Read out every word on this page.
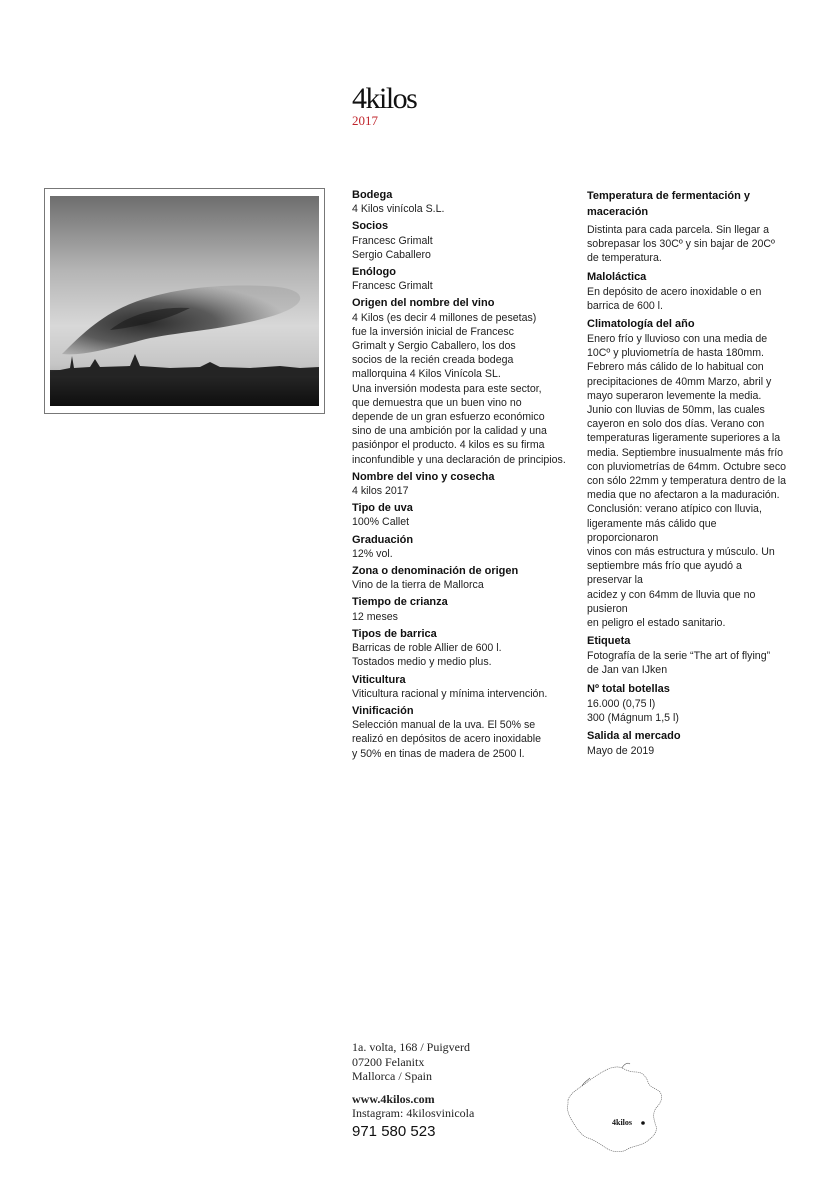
4kilos
2017
Bodega
4 Kilos vinícola S.L.
Socios
Francesc Grimalt
Sergio Caballero
Enólogo
Francesc Grimalt
Origen del nombre del vino
4 Kilos (es decir 4 millones de pesetas)
fue la inversión inicial de Francesc
Grimalt y Sergio Caballero, los dos
socios de la recién creada bodega
mallorquina 4 Kilos Vinícola SL.
Una inversión modesta para este sector,
que demuestra que un buen vino no
depende de un gran esfuerzo económico
sino de una ambición por la calidad y una
pasiónpor el producto. 4 kilos es su firma
inconfundible y una declaración de principios.
Nombre del vino y cosecha
4 kilos 2017
Tipo de uva
100% Callet
Graduación
12% vol.
Zona o denominación de origen
Vino de la tierra de Mallorca
Tiempo de crianza
12 meses
Tipos de barrica
Barricas de roble Allier de 600 l.
Tostados medio y medio plus.
Viticultura
Viticultura racional y mínima intervención.
Vinificación
Selección manual de la uva. El 50% se
realizó en depósitos de acero inoxidable
y 50% en tinas de madera de 2500 l.
Temperatura de fermentación y
maceración
Distinta para cada parcela. Sin llegar a
sobrepasar los 30Cº y sin bajar de 20Cº
de temperatura.
Maloláctica
En depósito de acero inoxidable o en
barrica de 600 l.
Climatología del año
Enero frío y lluvioso con una media de
10Cº y pluviometría de hasta 180mm.
Febrero más cálido de lo habitual con
precipitaciones de 40mm Marzo, abril y
mayo superaron levemente la media.
Junio con lluvias de 50mm, las cuales
cayeron en solo dos días. Verano con
temperaturas ligeramente superiores a la
media. Septiembre inusualmente más frío
con pluviometrías de 64mm. Octubre seco
con sólo 22mm y temperatura dentro de la
media que no afectaron a la maduración.
Conclusión: verano atípico con lluvia,
ligeramente más cálido que proporcionaron
vinos con más estructura y músculo. Un
septiembre más frío que ayudó a preservar la
acidez y con 64mm de lluvia que no pusieron
en peligro el estado sanitario.
Etiqueta
Fotografía de la serie “The art of flying”
de Jan van IJken
Nº total botellas
16.000 (0,75 l)
300 (Mágnum 1,5 l)
Salida al mercado
Mayo de 2019
1a. volta, 168 / Puigverd
07200 Felanitx
Mallorca / Spain
www.4kilos.com
Instagram: 4kilosvinicola
971 580 523	4kilos
